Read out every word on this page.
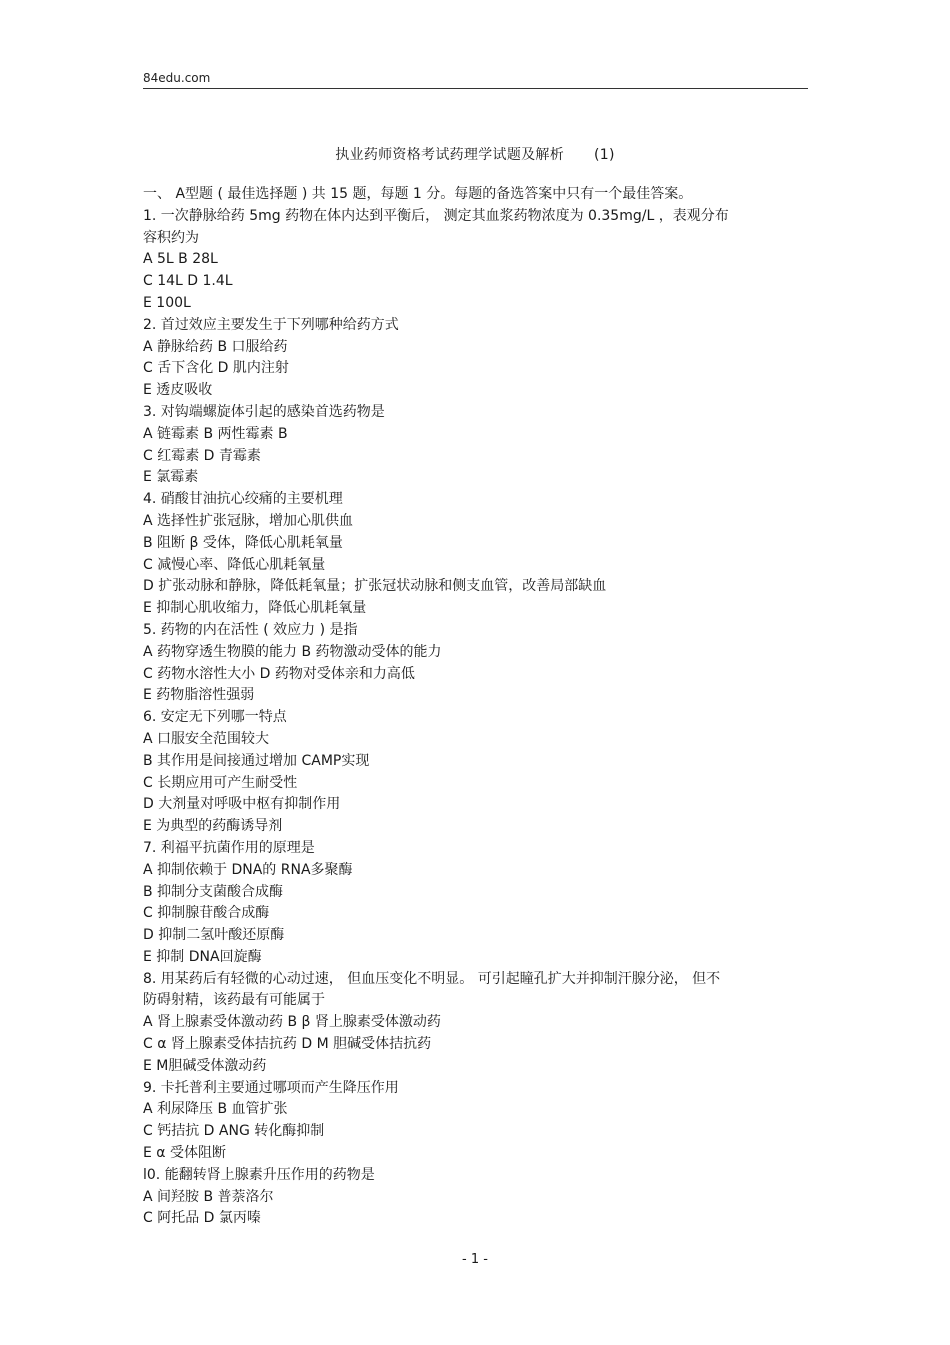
84edu.com
执业药师资格考试药理学试题及解析 (1)
一、 A型题 ( 最佳选择题 ) 共 15 题，每题 1 分。每题的备选答案中只有一个最佳答案。
1. 一次静脉给药 5mg 药物在体内达到平衡后， 测定其血浆药物浓度为 0.35mg/L ，表观分布
容积约为
A 5L B 28L
C 14L D 1.4L
E 100L
2. 首过效应主要发生于下列哪种给药方式
A 静脉给药 B 口服给药
C 舌下含化 D 肌内注射
E 透皮吸收
3. 对钩端螺旋体引起的感染首选药物是
A 链霉素 B 两性霉素 B
C 红霉素 D 青霉素
E 氯霉素
4. 硝酸甘油抗心绞痛的主要机理
A 选择性扩张冠脉，增加心肌供血
B 阻断 β 受体，降低心肌耗氧量
C 减慢心率、降低心肌耗氧量
D 扩张动脉和静脉，降低耗氧量；扩张冠状动脉和侧支血管，改善局部缺血
E 抑制心肌收缩力，降低心肌耗氧量
5. 药物的内在活性 ( 效应力 ) 是指
A 药物穿透生物膜的能力 B 药物激动受体的能力
C 药物水溶性大小 D 药物对受体亲和力高低
E 药物脂溶性强弱
6. 安定无下列哪一特点
A 口服安全范围较大
B 其作用是间接通过增加 CAMP实现
C 长期应用可产生耐受性
D 大剂量对呼吸中枢有抑制作用
E 为典型的药酶诱导剂
7. 利福平抗菌作用的原理是
A 抑制依赖于 DNA的 RNA多聚酶
B 抑制分支菌酸合成酶
C 抑制腺苷酸合成酶
D 抑制二氢叶酸还原酶
E 抑制 DNA回旋酶
8. 用某药后有轻微的心动过速， 但血压变化不明显。 可引起瞳孔扩大并抑制汗腺分泌， 但不
防碍射精，该药最有可能属于
A 肾上腺素受体激动药 B β 肾上腺素受体激动药
C α 肾上腺素受体拮抗药 D M 胆碱受体拮抗药
E M胆碱受体激动药
9. 卡托普利主要通过哪项而产生降压作用
A 利尿降压 B 血管扩张
C 钙拮抗 D ANG 转化酶抑制
E α 受体阻断
l0. 能翻转肾上腺素升压作用的药物是
A 间羟胺 B 普萘洛尔
C 阿托品 D 氯丙嗪
- 1 -
